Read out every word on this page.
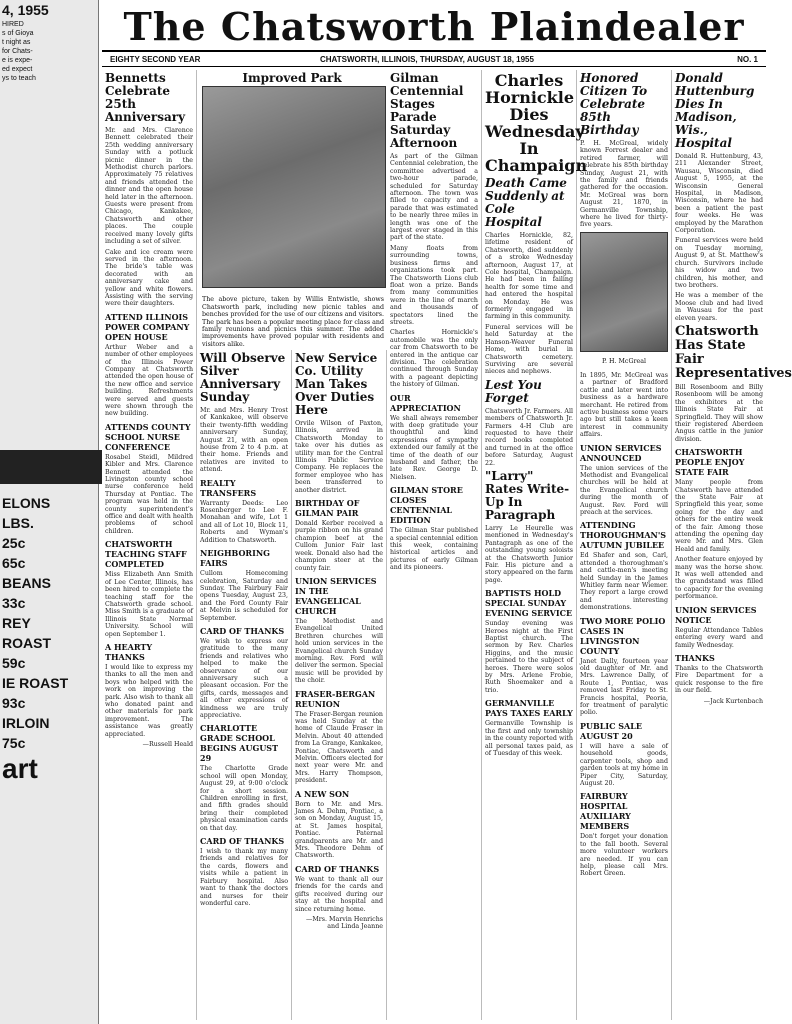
4, 1955
HIRED
s of Gioya
t night as
for Chats-
e is expe-
ed expect
ys to teach
ELONS
LBS.
25c
65c
BEANS
33c
REY
ROAST
59c
IE ROAST
93c
IRLOIN
75c
art
The Chatsworth Plaindealer
EIGHTY SECOND YEAR	CHATSWORTH, ILLINOIS, THURSDAY, AUGUST 18, 1955	NO. 1
Bennetts Celebrate 25th Anniversary

Mr. and Mrs. Clarence Bennett celebrated their 25th wedding anniversary Sunday with a potluck picnic dinner in the Methodist church parlors. Approximately 75 relatives and friends attended the dinner and the open house held later in the afternoon. Guests were present from Chicago, Kankakee, Chatsworth and other places. The couple received many lovely gifts including a set of silver.

Cake and ice cream were served in the afternoon. The bride's table was decorated with an anniversary cake and yellow and white flowers. Assisting with the serving were their daughters.

ATTEND ILLINOIS POWER COMPANY OPEN HOUSE

Arthur Weber and a number of other employees of the Illinois Power Company at Chatsworth attended the open house of the new office and service building. Refreshments were served and guests were shown through the new building.

ATTENDS COUNTY SCHOOL NURSE CONFERENCE

Rosabel Steidl, Mildred Kibler and Mrs. Clarence Bennett attended the Livingston county school nurse conference held Thursday at Pontiac. The program was held in the county superintendent's office and dealt with health problems of school children.

CHATSWORTH TEACHING STAFF COMPLETED

Miss Elizabeth Ann Smith of Lee Center, Illinois, has been hired to complete the teaching staff for the Chatsworth grade school. Miss Smith is a graduate of Illinois State Normal University. School will open September 1.

A HEARTY THANKS

I would like to express my thanks to all the men and boys who helped with the work on improving the park. Also wish to thank all who donated paint and other materials for park improvement. The assistance was greatly appreciated.

—Russell Heald

Improved Park

The above picture, taken by Willis Entwistle, shows Chatsworth park, including new picnic tables and benches provided for the use of our citizens and visitors. The park has been a popular meeting place for class and family reunions and picnics this summer. The added improvements have proved popular with residents and visitors alike.

Will Observe Silver Anniversary Sunday

Mr. and Mrs. Henry Trost of Kankakee, will observe their twenty-fifth wedding anniversary Sunday, August 21, with an open house from 2 to 4 p.m. at their home. Friends and relatives are invited to attend.

REALTY TRANSFERS

Warranty Deeds: Leo Rosenberger to Lee F. Monahan and wife, Lot 1 and all of Lot 10, Block 11, Roberts and Wyman's Addition to Chatsworth.

NEIGHBORING FAIRS

Cullom Homecoming celebration, Saturday and Sunday. The Fairbury Fair opens Tuesday, August 23, and the Ford County Fair at Melvin is scheduled for September.

CARD OF THANKS

We wish to express our gratitude to the many friends and relatives who helped to make the observance of our anniversary such a pleasant occasion. For the gifts, cards, messages and all other expressions of kindness we are truly appreciative.

CHARLOTTE GRADE SCHOOL BEGINS AUGUST 29

The Charlotte Grade school will open Monday, August 29, at 9:00 o'clock for a short session. Children enrolling in first, and fifth grades should bring their completed physical examination cards on that day.

CARD OF THANKS

I wish to thank my many friends and relatives for the cards, flowers and visits while a patient in Fairbury hospital. Also want to thank the doctors and nurses for their wonderful care.

New Service Co. Utility Man Takes Over Duties Here

Orvile Wilson of Paxton, Illinois, arrived in Chatsworth Monday to take over his duties as utility man for the Central Illinois Public Service Company. He replaces the former employee who has been transferred to another district.

BIRTHDAY OF GILMAN PAIR

Donald Kerber received a purple ribbon on his grand champion beef at the Cullom Junior Fair last week. Donald also had the champion steer at the county fair.

UNION SERVICES IN THE EVANGELICAL CHURCH

The Methodist and Evangelical United Brethren churches will hold union services in the Evangelical church Sunday morning. Rev. Ford will deliver the sermon. Special music will be provided by the choir.

FRASER-BERGAN REUNION

The Fraser-Bergan reunion was held Sunday at the home of Claude Fraser in Melvin. About 40 attended from La Grange, Kankakee, Pontiac, Chatsworth and Melvin. Officers elected for next year were Mr. and Mrs. Harry Thompson, president.

A NEW SON

Born to Mr. and Mrs. James A. Dehm, Pontiac, a son on Monday, August 15, at St. James hospital, Pontiac. Paternal grandparents are Mr. and Mrs. Theodore Dehm of Chatsworth.

CARD OF THANKS

We want to thank all our friends for the cards and gifts received during our stay at the hospital and since returning home.

—Mrs. Marvin Henrichs and Linda Jeanne

Gilman Centennial Stages Parade Saturday Afternoon

As part of the Gilman Centennial celebration, the committee advertised a two-hour parade, scheduled for Saturday afternoon. The town was filled to capacity and a parade that was estimated to be nearly three miles in length was one of the largest ever staged in this part of the state.

Many floats from surrounding towns, business firms and organizations took part. The Chatsworth Lions club float won a prize. Bands from many communities were in the line of march and thousands of spectators lined the streets.

Charles Hornickle's automobile was the only car from Chatsworth to be entered in the antique car division. The celebration continued through Sunday with a pageant depicting the history of Gilman.

OUR APPRECIATION

We shall always remember with deep gratitude your thoughtful and kind expressions of sympathy extended our family at the time of the death of our husband and father, the late Rev. George D. Nielsen.

GILMAN STORE CLOSES CENTENNIAL EDITION

The Gilman Star published a special centennial edition this week, containing historical articles and pictures of early Gilman and its pioneers.

Charles Hornickle Dies Wednesday In Champaign
Death Came Suddenly at Cole Hospital

Charles Hornickle, 82, lifetime resident of Chatsworth, died suddenly of a stroke Wednesday afternoon, August 17, at Cole hospital, Champaign. He had been in failing health for some time and had entered the hospital on Monday. He was formerly engaged in farming in this community.

Funeral services will be held Saturday at the Hanson-Weaver Funeral Home, with burial in Chatsworth cemetery. Surviving are several nieces and nephews.

Lest You Forget

Chatsworth Jr. Farmers. All members of Chatsworth Jr. Farmers 4-H Club are requested to have their record books completed and turned in at the office before Saturday, August 22.

"Larry" Rates Write-Up In Paragraph

Larry Le Heurelle was mentioned in Wednesday's Pantagraph as one of the outstanding young soloists at the Chatsworth Junior Fair. His picture and a story appeared on the farm page.

BAPTISTS HOLD SPECIAL SUNDAY EVENING SERVICE

Sunday evening was Heroes night at the First Baptist church. The sermon by Rev. Charles Higgins, and the music pertained to the subject of heroes. There were solos by Mrs. Arlene Frobie, Ruth Shoemaker and a trio.

GERMANVILLE PAYS TAXES EARLY

Germanville Township is the first and only township in the county reported with all personal taxes paid, as of Tuesday of this week.

Honored Citizen To Celebrate 85th Birthday

P. H. McGreal, widely known Forrest dealer and retired farmer, will celebrate his 85th birthday Sunday, August 21, with the family and friends gathered for the occasion. Mr. McGreal was born August 21, 1870, in Germanville Township, where he lived for thirty-five years.

P. H. McGreal

In 1895, Mr. McGreal was a partner of Bradford cattle and later went into business as a hardware merchant. He retired from active business some years ago but still takes a keen interest in community affairs.

UNION SERVICES ANNOUNCED

The union services of the Methodist and Evangelical churches will be held at the Evangelical church during the month of August. Rev. Ford will preach at the services.

ATTENDING THOROUGHMAN'S AUTUMN JUBILEE

Ed Shafer and son, Carl, attended a thoroughman's and cattle-men's meeting held Sunday in the James Whitley farm near Wiemer. They report a large crowd and interesting demonstrations.

TWO MORE POLIO CASES IN LIVINGSTON COUNTY

Janet Dally, fourteen year old daughter of Mr. and Mrs. Lawrence Dally, of Route 1, Pontiac, was removed last Friday to St. Francis hospital, Peoria, for treatment of paralytic polio.

PUBLIC SALE AUGUST 20

I will have a sale of household goods, carpenter tools, shop and garden tools at my home in Piper City, Saturday, August 20.

FAIRBURY HOSPITAL AUXILIARY MEMBERS

Don't forget your donation to the fall booth. Several more volunteer workers are needed. If you can help, please call Mrs. Robert Green.

Donald Huttenburg Dies In Madison, Wis., Hospital

Donald R. Huttenburg, 43, 211 Alexander Street, Wausau, Wisconsin, died August 5, 1955, at the Wisconsin General Hospital, in Madison, Wisconsin, where he had been a patient the past four weeks. He was employed by the Marathon Corporation.

Funeral services were held on Tuesday morning, August 9, at St. Matthew's church. Survivors include his widow and two children, his mother, and two brothers.

He was a member of the Moose club and had lived in Wausau for the past eleven years.

Chatsworth Has State Fair Representatives

Bill Rosenboom and Billy Rosenboom will be among the exhibitors at the Illinois State Fair at Springfield. They will show their registered Aberdeen Angus cattle in the junior division.

CHATSWORTH PEOPLE ENJOY STATE FAIR

Many people from Chatsworth have attended the State Fair at Springfield this year, some going for the day and others for the entire week of the fair. Among those attending the opening day were Mr. and Mrs. Glen Heald and family.

Another feature enjoyed by many was the horse show. It was well attended and the grandstand was filled to capacity for the evening performance.

UNION SERVICES NOTICE

Regular Attendance Tables entering every ward and family Wednesday.

THANKS

Thanks to the Chatsworth Fire Department for a quick response to the fire in our field.

—Jack Kurtenbach
